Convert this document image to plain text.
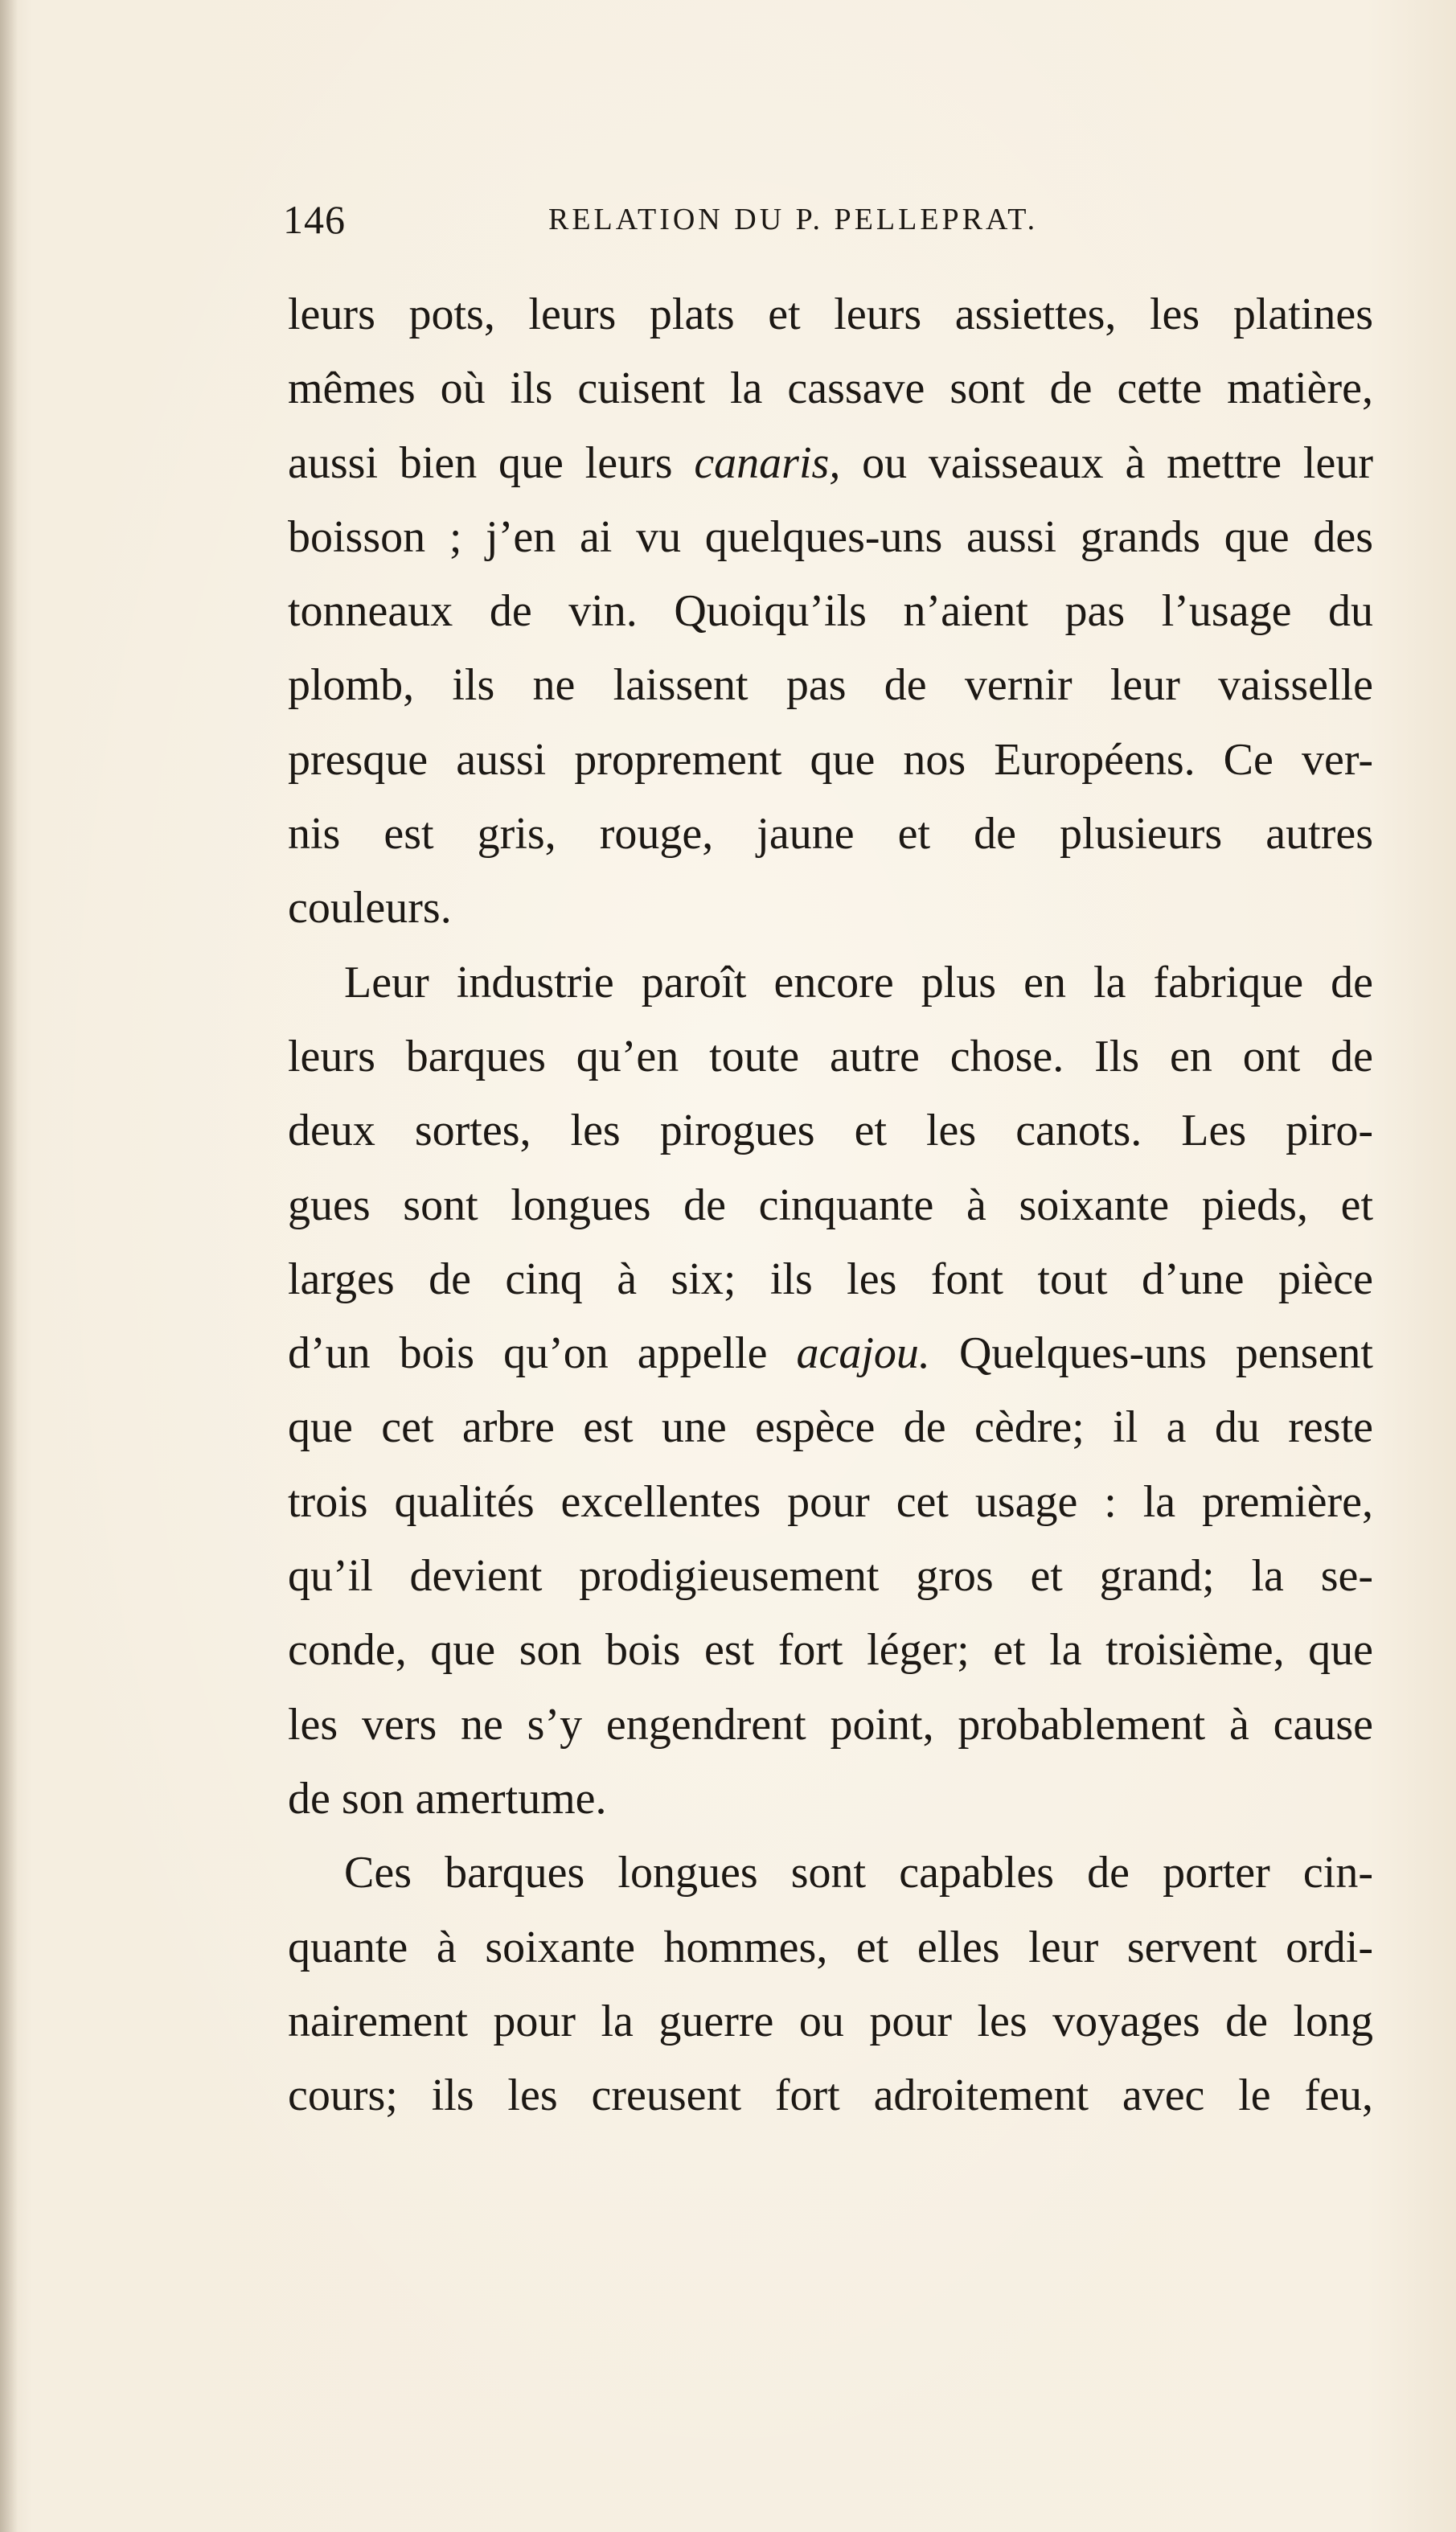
146	RELATION DU P. PELLEPRAT.
leurs pots, leurs plats et leurs assiettes, les platines
mêmes où ils cuisent la cassave sont de cette matière,
aussi bien que leurs canaris, ou vaisseaux à mettre leur
boisson ; j’en ai vu quelques-uns aussi grands que des
tonneaux de vin. Quoiqu’ils n’aient pas l’usage du
plomb, ils ne laissent pas de vernir leur vaisselle
presque aussi proprement que nos Européens. Ce ver-
nis est gris, rouge, jaune et de plusieurs autres
couleurs.
Leur industrie paroît encore plus en la fabrique de
leurs barques qu’en toute autre chose. Ils en ont de
deux sortes, les pirogues et les canots. Les piro-
gues sont longues de cinquante à soixante pieds, et
larges de cinq à six; ils les font tout d’une pièce
d’un bois qu’on appelle acajou. Quelques-uns pensent
que cet arbre est une espèce de cèdre; il a du reste
trois qualités excellentes pour cet usage : la première,
qu’il devient prodigieusement gros et grand; la se-
conde, que son bois est fort léger; et la troisième, que
les vers ne s’y engendrent point, probablement à cause
de son amertume.
Ces barques longues sont capables de porter cin-
quante à soixante hommes, et elles leur servent ordi-
nairement pour la guerre ou pour les voyages de long
cours; ils les creusent fort adroitement avec le feu,
